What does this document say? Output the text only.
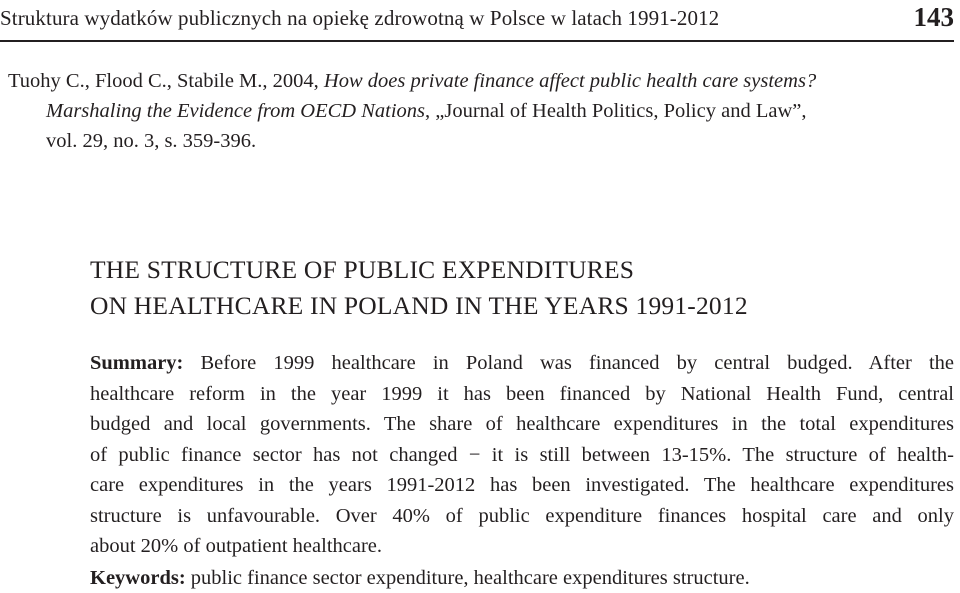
Struktura wydatków publicznych na opiekę zdrowotną w Polsce w latach 1991-2012	143
Tuohy C., Flood C., Stabile M., 2004, How does private finance affect public health care systems?
Marshaling the Evidence from OECD Nations, „Journal of Health Politics, Policy and Law”,
vol. 29, no. 3, s. 359-396.
THE STRUCTURE OF PUBLIC EXPENDITURES
ON HEALTHCARE IN POLAND IN THE YEARS 1991-2012
Summary: Before 1999 healthcare in Poland was financed by central budged. After the
healthcare reform in the year 1999 it has been financed by National Health Fund, central
budged and local governments. The share of healthcare expenditures in the total expenditures
of public finance sector has not changed − it is still between 13-15%. The structure of health-
care expenditures in the years 1991-2012 has been investigated. The healthcare expenditures
structure is unfavourable. Over 40% of public expenditure finances hospital care and only
about 20% of outpatient healthcare.
Keywords: public finance sector expenditure, healthcare expenditures structure.
